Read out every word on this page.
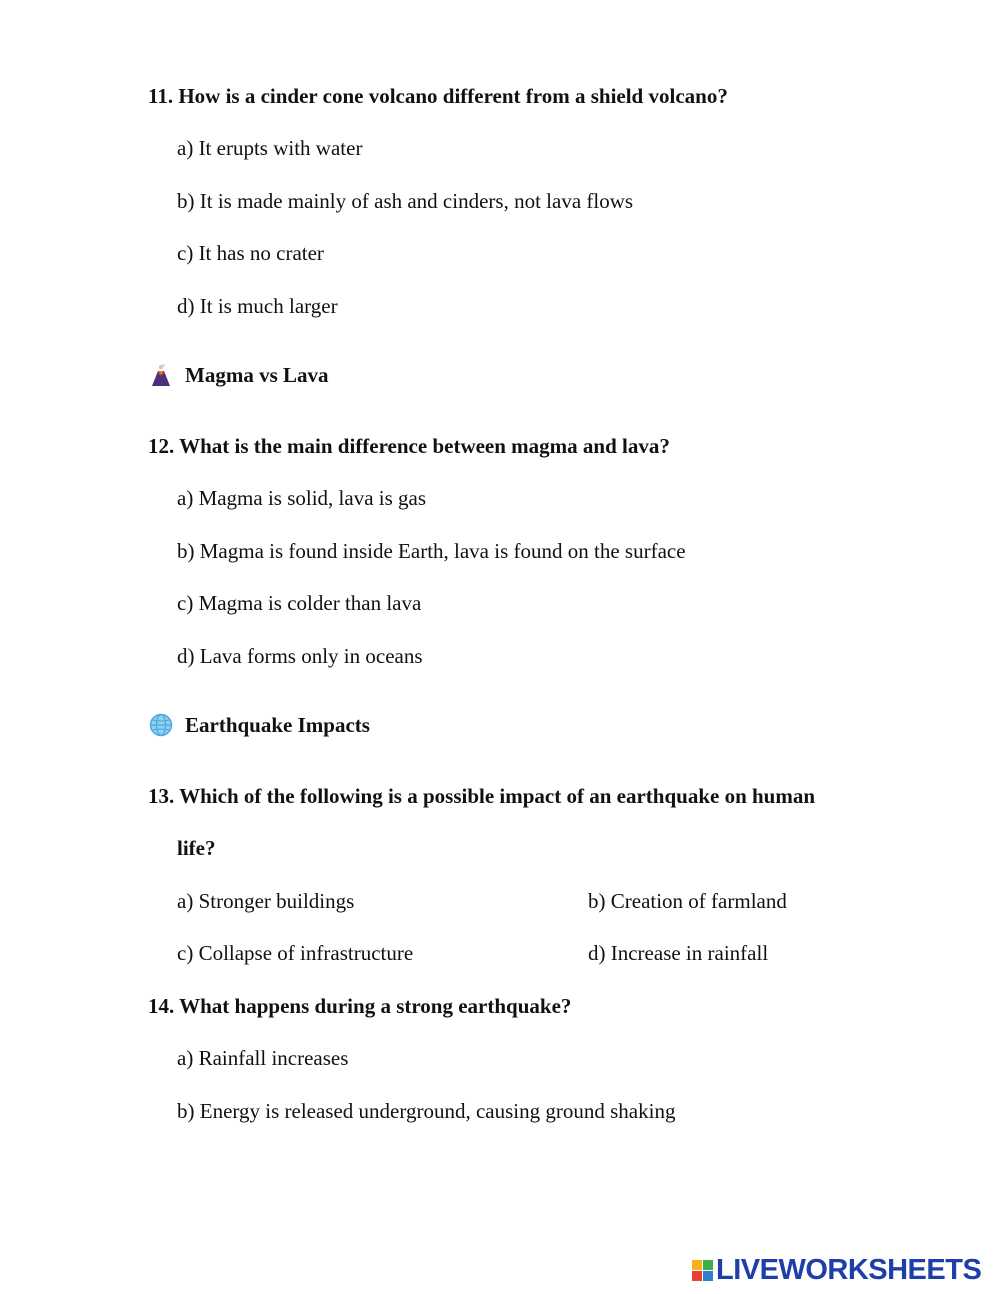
11. How is a cinder cone volcano different from a shield volcano?
a) It erupts with water
b) It is made mainly of ash and cinders, not lava flows
c) It has no crater
d) It is much larger
Magma vs Lava
12. What is the main difference between magma and lava?
a) Magma is solid, lava is gas
b) Magma is found inside Earth, lava is found on the surface
c) Magma is colder than lava
d) Lava forms only in oceans
Earthquake Impacts
13. Which of the following is a possible impact of an earthquake on human
life?
a) Stronger buildings	b) Creation of farmland
c) Collapse of infrastructure	d) Increase in rainfall
14. What happens during a strong earthquake?
a) Rainfall increases
b) Energy is released underground, causing ground shaking
LIVEWORKSHEETS
